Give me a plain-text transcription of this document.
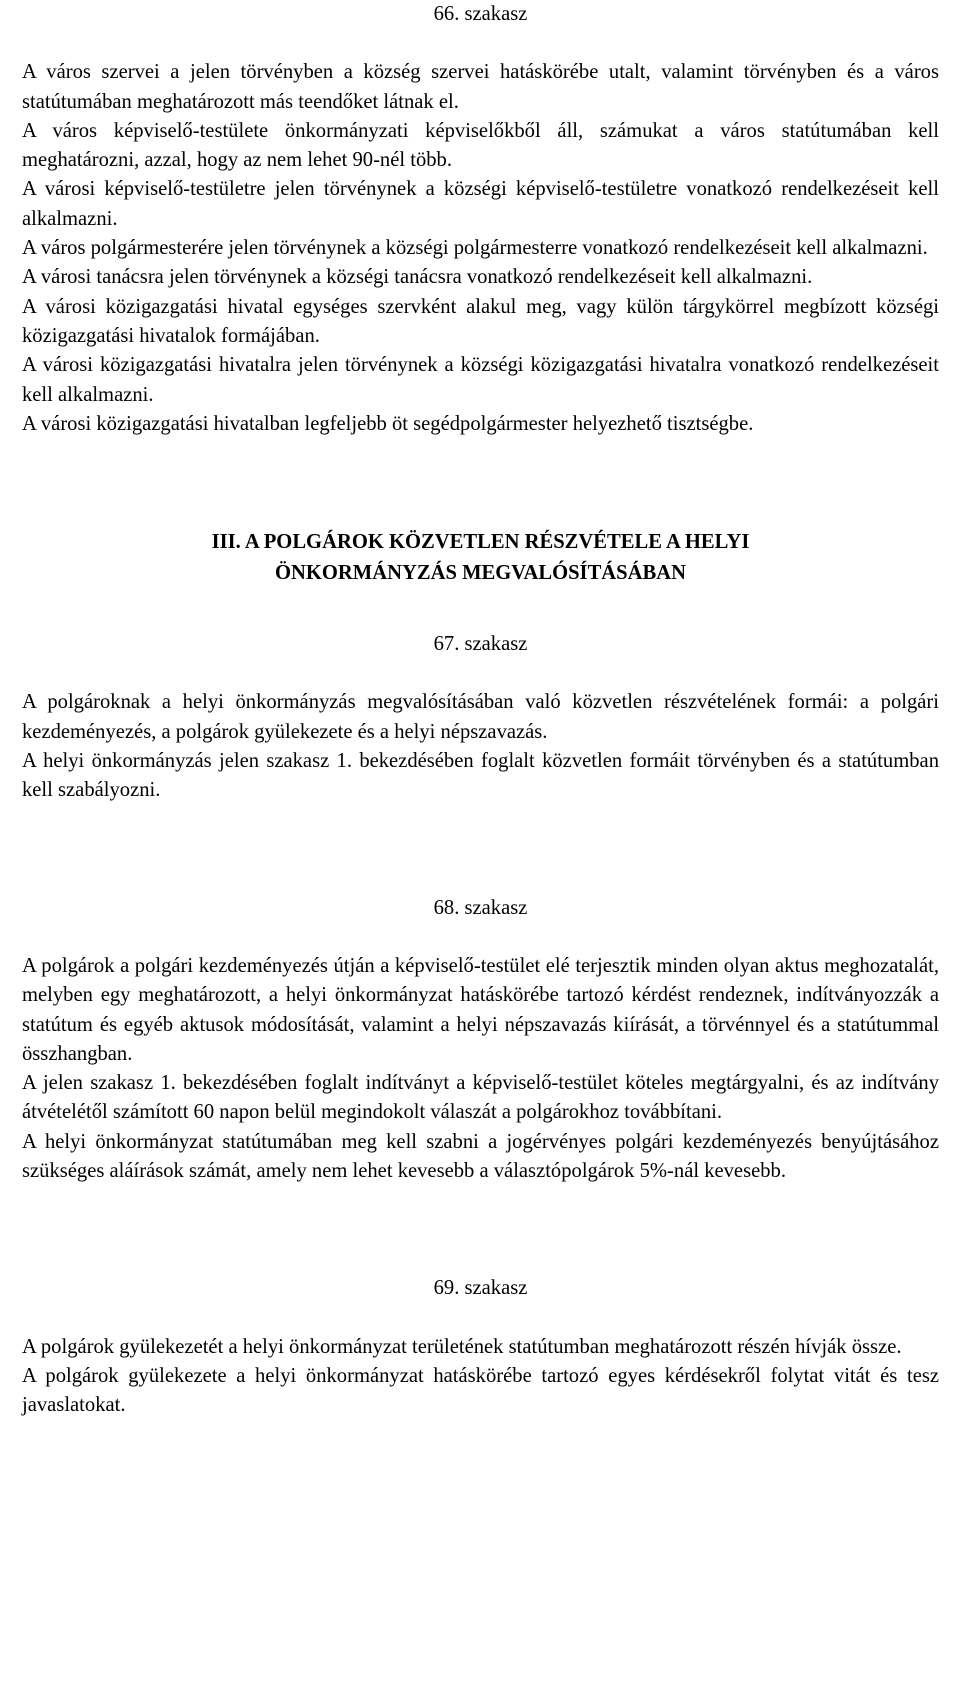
66. szakasz
A város szervei a jelen törvényben a község szervei hatáskörébe utalt, valamint törvényben és a város statútumában meghatározott más teendőket látnak el.
A város képviselő-testülete önkormányzati képviselőkből áll, számukat a város statútumában kell meghatározni, azzal, hogy az nem lehet 90-nél több.
A városi képviselő-testületre jelen törvénynek a községi képviselő-testületre vonatkozó rendelkezéseit kell alkalmazni.
A város polgármesterére jelen törvénynek a községi polgármesterre vonatkozó rendelkezéseit kell alkalmazni.
A városi tanácsra jelen törvénynek a községi tanácsra vonatkozó rendelkezéseit kell alkalmazni.
A városi közigazgatási hivatal egységes szervként alakul meg, vagy külön tárgykörrel megbízott községi közigazgatási hivatalok formájában.
A városi közigazgatási hivatalra jelen törvénynek a községi közigazgatási hivatalra vonatkozó rendelkezéseit kell alkalmazni.
A városi közigazgatási hivatalban legfeljebb öt segédpolgármester helyezhető tisztségbe.
III. A POLGÁROK KÖZVETLEN RÉSZVÉTELE A HELYI
ÖNKORMÁNYZÁS MEGVALÓSÍTÁSÁBAN
67. szakasz
A polgároknak a helyi önkormányzás megvalósításában való közvetlen részvételének formái: a polgári kezdeményezés, a polgárok gyülekezete és a helyi népszavazás.
A helyi önkormányzás jelen szakasz 1. bekezdésében foglalt közvetlen formáit törvényben és a statútumban kell szabályozni.
68. szakasz
A polgárok a polgári kezdeményezés útján a képviselő-testület elé terjesztik minden olyan aktus meghozatalát, melyben egy meghatározott, a helyi önkormányzat hatáskörébe tartozó kérdést rendeznek, indítványozzák a statútum és egyéb aktusok módosítását, valamint a helyi népszavazás kiírását, a törvénnyel és a statútummal összhangban.
A jelen szakasz 1. bekezdésében foglalt indítványt a képviselő-testület köteles megtárgyalni, és az indítvány átvételétől számított 60 napon belül megindokolt válaszát a polgárokhoz továbbítani.
A helyi önkormányzat statútumában meg kell szabni a jogérvényes polgári kezdeményezés benyújtásához szükséges aláírások számát, amely nem lehet kevesebb a választópolgárok 5%-nál kevesebb.
69. szakasz
A polgárok gyülekezetét a helyi önkormányzat területének statútumban meghatározott részén hívják össze.
A polgárok gyülekezete a helyi önkormányzat hatáskörébe tartozó egyes kérdésekről folytat vitát és tesz javaslatokat.
